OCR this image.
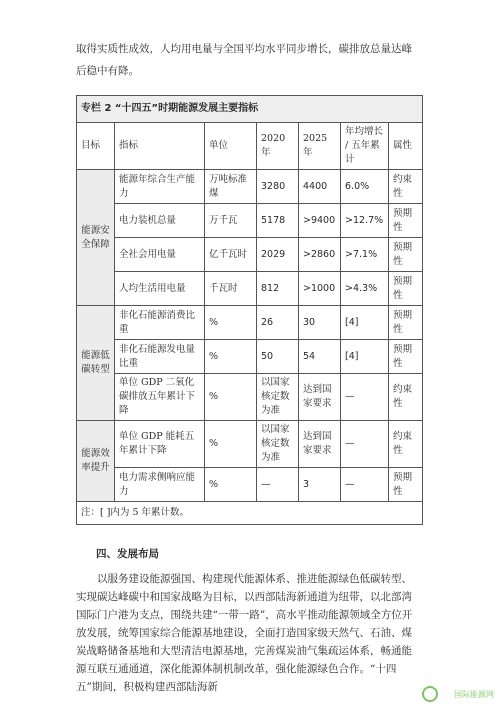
取得实质性成效，人均用电量与全国平均水平同步增长，碳排放总量达峰后稳中有降。

专栏 2 “十四五”时期能源发展主要指标						
目标	指标	单位	2020 年	2025 年	年均增长 / 五年累计	属性
能源安全保障	能源年综合生产能力	万吨标准煤	3280	4400	6.0%	约束性
	电力装机总量	万千瓦	5178	>9400	>12.7%	预期性
	全社会用电量	亿千瓦时	2029	>2860	>7.1%	预期性
	人均生活用电量	千瓦时	812	>1000	>4.3%	预期性
能源低碳转型	非化石能源消费比重	%	26	30	[4]	预期性
	非化石能源发电量比重	%	50	54	[4]	预期性
	单位 GDP 二氧化碳排放五年累计下降	%	以国家核定数为准	达到国家要求	—	约束性
能源效率提升	单位 GDP 能耗五年累计下降	%	以国家核定数为准	达到国家要求	—	约束性
	电力需求侧响应能力	%	—	3	—	预期性
注：[ ]内为 5 年累计数。						
四、发展布局

以服务建设能源强国、构建现代能源体系、推进能源绿色低碳转型、实现碳达峰碳中和国家战略为目标，以西部陆海新通道为纽带，以北部湾国际门户港为支点，围绕共建“一带一路”，高水平推动能源领域全方位开放发展，统筹国家综合能源基地建设，全面打造国家级天然气、石油、煤炭战略储备基地和大型清洁电源基地，完善煤炭油气集疏运体系，畅通能源互联互通通道，深化能源体制机制改革，强化能源绿色合作。“十四五”期间，积极构建西部陆海新

国际能源网
